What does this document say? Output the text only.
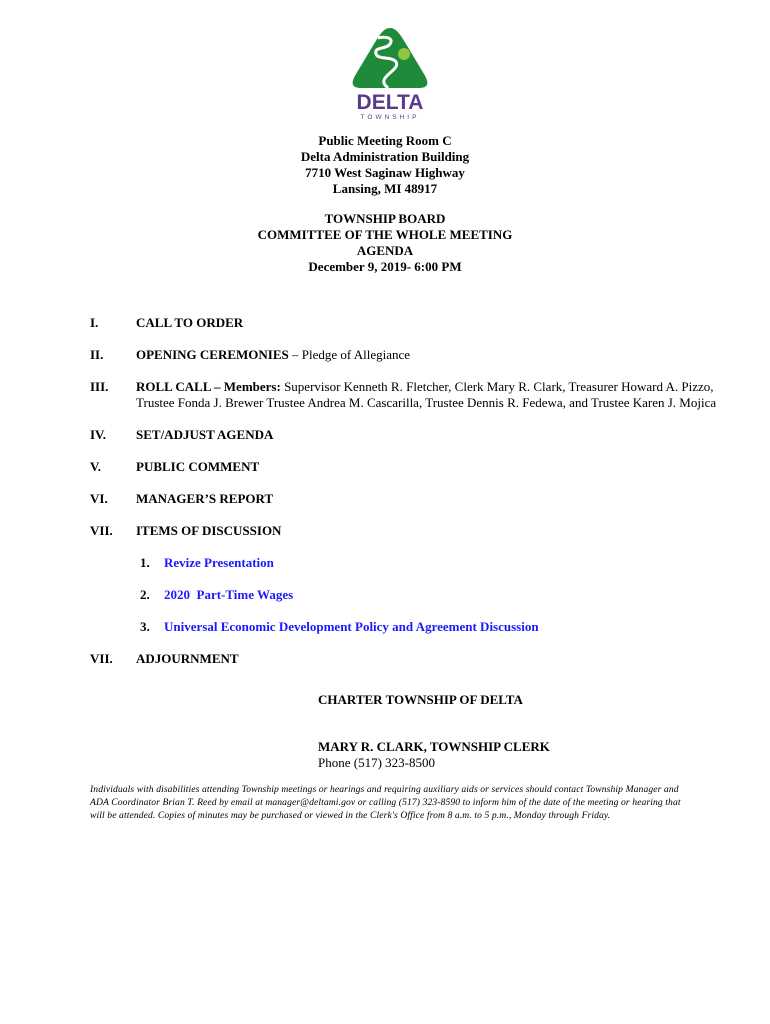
DELTA
TOWNSHIP
Public Meeting Room C
Delta Administration Building
7710 West Saginaw Highway
Lansing, MI 48917
TOWNSHIP BOARD
COMMITTEE OF THE WHOLE MEETING
AGENDA
December 9, 2019- 6:00 PM
I.	CALL TO ORDER
II.	OPENING CEREMONIES – Pledge of Allegiance
III.	ROLL CALL – Members: Supervisor Kenneth R. Fletcher, Clerk Mary R. Clark, Treasurer Howard A. Pizzo, Trustee Fonda J. Brewer Trustee Andrea M. Cascarilla, Trustee Dennis R. Fedewa, and Trustee Karen J. Mojica
IV.	SET/ADJUST AGENDA
V.	PUBLIC COMMENT
VI.	MANAGER’S REPORT
VII.	ITEMS OF DISCUSSION
1.	Revize Presentation
2.	2020  Part-Time Wages
3.	Universal Economic Development Policy and Agreement Discussion
VII.	ADJOURNMENT
CHARTER TOWNSHIP OF DELTA
MARY R. CLARK, TOWNSHIP CLERK
Phone (517) 323-8500
Individuals with disabilities attending Township meetings or hearings and requiring auxiliary aids or services should contact Township Manager and ADA Coordinator Brian T. Reed by email at manager@deltami.gov or calling (517) 323-8590 to inform him of the date of the meeting or hearing that will be attended. Copies of minutes may be purchased or viewed in the Clerk's Office from 8 a.m. to 5 p.m., Monday through Friday.
